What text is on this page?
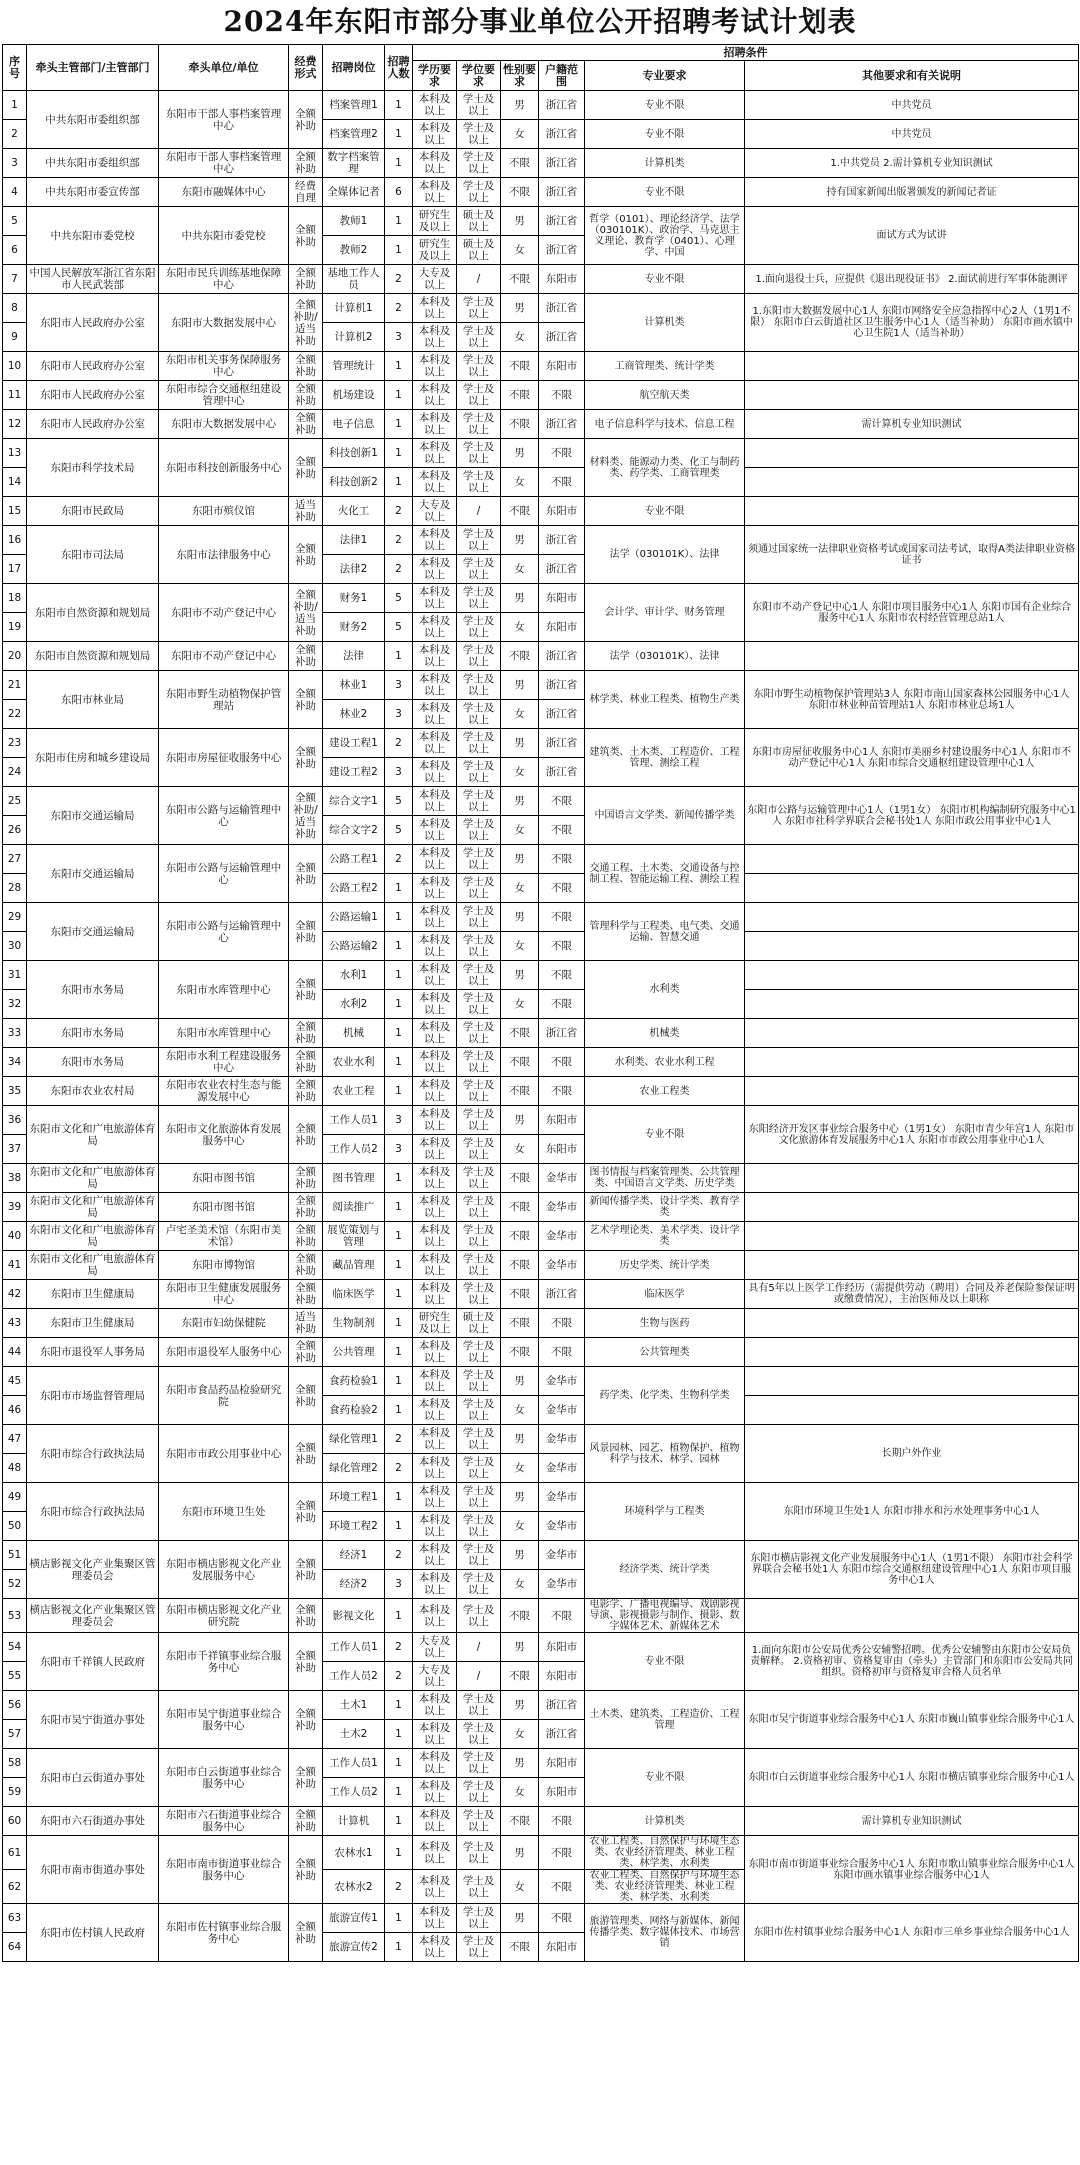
2024年东阳市部分事业单位公开招聘考试计划表
序号	牵头主管部门/主管部门	牵头单位/单位	经费形式	招聘岗位	招聘人数	招聘条件					
						学历要求	学位要求	性别要求	户籍范围	专业要求	其他要求和有关说明
1	中共东阳市委组织部	东阳市干部人事档案管理中心	全额补助	档案管理1	1	本科及以上	学士及以上	男	浙江省	专业不限	中共党员
2				档案管理2	1	本科及以上	学士及以上	女	浙江省	专业不限	中共党员
3	中共东阳市委组织部	东阳市干部人事档案管理中心	全额补助	数字档案管理	1	本科及以上	学士及以上	不限	浙江省	计算机类	1.中共党员 2.需计算机专业知识测试
4	中共东阳市委宣传部	东阳市融媒体中心	经费自理	全媒体记者	6	本科及以上	学士及以上	不限	浙江省	专业不限	持有国家新闻出版署颁发的新闻记者证
5	中共东阳市委党校	中共东阳市委党校	全额补助	教师1	1	研究生及以上	硕士及以上	男	浙江省	哲学（0101）、理论经济学、法学（030101K）、政治学、马克思主义理论、教育学（0401）、心理学、中国	面试方式为试讲
6				教师2	1	研究生及以上	硕士及以上	女	浙江省		
7	中国人民解放军浙江省东阳市人民武装部	东阳市民兵训练基地保障中心	全额补助	基地工作人员	2	大专及以上	/	不限	东阳市	专业不限	1.面向退役士兵，应提供《退出现役证书》 2.面试前进行军事体能测评
8	东阳市人民政府办公室	东阳市大数据发展中心	全额补助/适当补助	计算机1	2	本科及以上	学士及以上	男	浙江省	计算机类	1.东阳市大数据发展中心1人 东阳市网络安全应急指挥中心2人（1男1不限） 东阳市白云街道社区卫生服务中心1人（适当补助） 东阳市画水镇中心卫生院1人（适当补助）
9				计算机2	3	本科及以上	学士及以上	女	浙江省		
10	东阳市人民政府办公室	东阳市机关事务保障服务中心	全额补助	管理统计	1	本科及以上	学士及以上	不限	东阳市	工商管理类、统计学类	
11	东阳市人民政府办公室	东阳市综合交通枢纽建设管理中心	全额补助	机场建设	1	本科及以上	学士及以上	不限	不限	航空航天类	
12	东阳市人民政府办公室	东阳市大数据发展中心	全额补助	电子信息	1	本科及以上	学士及以上	不限	浙江省	电子信息科学与技术、信息工程	需计算机专业知识测试
13	东阳市科学技术局	东阳市科技创新服务中心	全额补助	科技创新1	1	本科及以上	学士及以上	男	不限	材料类、能源动力类、化工与制药类、药学类、工商管理类	
14				科技创新2	1	本科及以上	学士及以上	女	不限		
15	东阳市民政局	东阳市殡仪馆	适当补助	火化工	2	大专及以上	/	不限	东阳市	专业不限	
16	东阳市司法局	东阳市法律服务中心	全额补助	法律1	2	本科及以上	学士及以上	男	浙江省	法学（030101K）、法律	须通过国家统一法律职业资格考试或国家司法考试，取得A类法律职业资格证书
17				法律2	2	本科及以上	学士及以上	女	浙江省		
18	东阳市自然资源和规划局	东阳市不动产登记中心	全额补助/适当补助	财务1	5	本科及以上	学士及以上	男	东阳市	会计学、审计学、财务管理	东阳市不动产登记中心1人 东阳市项目服务中心1人 东阳市国有企业综合服务中心1人 东阳市农村经营管理总站1人
19				财务2	5	本科及以上	学士及以上	女	东阳市		
20	东阳市自然资源和规划局	东阳市不动产登记中心	全额补助	法律	1	本科及以上	学士及以上	不限	浙江省	法学（030101K）、法律	
21	东阳市林业局	东阳市野生动植物保护管理站	全额补助	林业1	3	本科及以上	学士及以上	男	浙江省	林学类、林业工程类、植物生产类	东阳市野生动植物保护管理站3人 东阳市南山国家森林公园服务中心1人 东阳市林业种苗管理站1人 东阳市林业总场1人
22				林业2	3	本科及以上	学士及以上	女	浙江省		
23	东阳市住房和城乡建设局	东阳市房屋征收服务中心	全额补助	建设工程1	2	本科及以上	学士及以上	男	浙江省	建筑类、土木类、工程造价、工程管理、测绘工程	东阳市房屋征收服务中心1人 东阳市美丽乡村建设服务中心1人 东阳市不动产登记中心1人 东阳市综合交通枢纽建设管理中心1人
24				建设工程2	3	本科及以上	学士及以上	女	浙江省		
25	东阳市交通运输局	东阳市公路与运输管理中心	全额补助/适当补助	综合文字1	5	本科及以上	学士及以上	男	不限	中国语言文学类、新闻传播学类	东阳市公路与运输管理中心1人（1男1女） 东阳市机构编制研究服务中心1人 东阳市社科学界联合会秘书处1人 东阳市政公用事业中心1人
26				综合文字2	5	本科及以上	学士及以上	女	不限		
27	东阳市交通运输局	东阳市公路与运输管理中心	全额补助	公路工程1	2	本科及以上	学士及以上	男	不限	交通工程、土木类、交通设备与控制工程、智能运输工程、测绘工程	
28				公路工程2	1	本科及以上	学士及以上	女	不限		
29	东阳市交通运输局	东阳市公路与运输管理中心	全额补助	公路运输1	1	本科及以上	学士及以上	男	不限	管理科学与工程类、电气类、交通运输、智慧交通	
30				公路运输2	1	本科及以上	学士及以上	女	不限		
31	东阳市水务局	东阳市水库管理中心	全额补助	水利1	1	本科及以上	学士及以上	男	不限	水利类	
32				水利2	1	本科及以上	学士及以上	女	不限		
33	东阳市水务局	东阳市水库管理中心	全额补助	机械	1	本科及以上	学士及以上	不限	浙江省	机械类	
34	东阳市水务局	东阳市水利工程建设服务中心	全额补助	农业水利	1	本科及以上	学士及以上	不限	不限	水利类、农业水利工程	
35	东阳市农业农村局	东阳市农业农村生态与能源发展中心	全额补助	农业工程	1	本科及以上	学士及以上	不限	不限	农业工程类	
36	东阳市文化和广电旅游体育局	东阳市文化旅游体育发展服务中心	全额补助	工作人员1	3	本科及以上	学士及以上	男	东阳市	专业不限	东阳经济开发区事业综合服务中心（1男1女） 东阳市青少年宫1人 东阳市文化旅游体育发展服务中心1人 东阳市市政公用事业中心1人
37				工作人员2	3	本科及以上	学士及以上	女	东阳市		
38	东阳市文化和广电旅游体育局	东阳市图书馆	全额补助	图书管理	1	本科及以上	学士及以上	不限	金华市	图书情报与档案管理类、公共管理类、中国语言文学类、历史学类	
39	东阳市文化和广电旅游体育局	东阳市图书馆	全额补助	阅读推广	1	本科及以上	学士及以上	不限	金华市	新闻传播学类、设计学类、教育学类	
40	东阳市文化和广电旅游体育局	卢宅圣美术馆（东阳市美术馆）	全额补助	展览策划与管理	1	本科及以上	学士及以上	不限	金华市	艺术学理论类、美术学类、设计学类	
41	东阳市文化和广电旅游体育局	东阳市博物馆	全额补助	藏品管理	1	本科及以上	学士及以上	不限	金华市	历史学类、统计学类	
42	东阳市卫生健康局	东阳市卫生健康发展服务中心	全额补助	临床医学	1	本科及以上	学士及以上	不限	浙江省	临床医学	具有5年以上医学工作经历（需提供劳动（聘用）合同及养老保险参保证明或缴费情况），主治医师及以上职称
43	东阳市卫生健康局	东阳市妇幼保健院	适当补助	生物制剂	1	研究生及以上	硕士及以上	不限	不限	生物与医药	
44	东阳市退役军人事务局	东阳市退役军人服务中心	全额补助	公共管理	1	本科及以上	学士及以上	不限	不限	公共管理类	
45	东阳市市场监督管理局	东阳市食品药品检验研究院	全额补助	食药检验1	1	本科及以上	学士及以上	男	金华市	药学类、化学类、生物科学类	
46				食药检验2	1	本科及以上	学士及以上	女	金华市		
47	东阳市综合行政执法局	东阳市市政公用事业中心	全额补助	绿化管理1	2	本科及以上	学士及以上	男	金华市	风景园林、园艺、植物保护、植物科学与技术、林学、园林	长期户外作业
48				绿化管理2	2	本科及以上	学士及以上	女	金华市		
49	东阳市综合行政执法局	东阳市环境卫生处	全额补助	环境工程1	1	本科及以上	学士及以上	男	金华市	环境科学与工程类	东阳市环境卫生处1人 东阳市排水和污水处理事务中心1人
50				环境工程2	1	本科及以上	学士及以上	女	金华市		
51	横店影视文化产业集聚区管理委员会	东阳市横店影视文化产业发展服务中心	全额补助	经济1	2	本科及以上	学士及以上	男	金华市	经济学类、统计学类	东阳市横店影视文化产业发展服务中心1人（1男1不限） 东阳市社会科学界联合会秘书处1人 东阳市综合交通枢纽建设管理中心1人 东阳市项目服务中心1人
52				经济2	3	本科及以上	学士及以上	女	金华市		
53	横店影视文化产业集聚区管理委员会	东阳市横店影视文化产业研究院	全额补助	影视文化	1	本科及以上	学士及以上	不限	不限	电影学、广播电视编导、戏剧影视导演、影视摄影与制作、摄影、数字媒体艺术、新媒体艺术	
54	东阳市千祥镇人民政府	东阳市千祥镇事业综合服务中心	全额补助	工作人员1	2	大专及以上	/	男	东阳市	专业不限	1.面向东阳市公安局优秀公安辅警招聘。优秀公安辅警由东阳市公安局负责解释。 2.资格初审、资格复审由（牵头）主管部门和东阳市公安局共同组织。资格初审与资格复审合格人员名单
55				工作人员2	2	大专及以上	/	不限	东阳市		
56	东阳市吴宁街道办事处	东阳市吴宁街道事业综合服务中心	全额补助	土木1	1	本科及以上	学士及以上	男	浙江省	土木类、建筑类、工程造价、工程管理	东阳市吴宁街道事业综合服务中心1人 东阳市巍山镇事业综合服务中心1人
57				土木2	1	本科及以上	学士及以上	女	浙江省		
58	东阳市白云街道办事处	东阳市白云街道事业综合服务中心	全额补助	工作人员1	1	本科及以上	学士及以上	男	东阳市	专业不限	东阳市白云街道事业综合服务中心1人 东阳市横店镇事业综合服务中心1人
59				工作人员2	1	本科及以上	学士及以上	女	东阳市		
60	东阳市六石街道办事处	东阳市六石街道事业综合服务中心	全额补助	计算机	1	本科及以上	学士及以上	不限	不限	计算机类	需计算机专业知识测试
61	东阳市南市街道办事处	东阳市南市街道事业综合服务中心	全额补助	农林水1	1	本科及以上	学士及以上	男	不限	农业工程类、自然保护与环境生态类、农业经济管理类、林业工程类、林学类、水利类	东阳市南市街道事业综合服务中心1人 东阳市歌山镇事业综合服务中心1人 东阳市画水镇事业综合服务中心1人
62				农林水2	2	本科及以上	学士及以上	女	不限	农业工程类、自然保护与环境生态类、农业经济管理类、林业工程类、林学类、水利类	
63	东阳市佐村镇人民政府	东阳市佐村镇事业综合服务中心	全额补助	旅游宣传1	1	本科及以上	学士及以上	男	不限	旅游管理类、网络与新媒体、新闻传播学类、数字媒体技术、市场营销	东阳市佐村镇事业综合服务中心1人 东阳市三单乡事业综合服务中心1人
64				旅游宣传2	1	本科及以上	学士及以上	不限	东阳市		
